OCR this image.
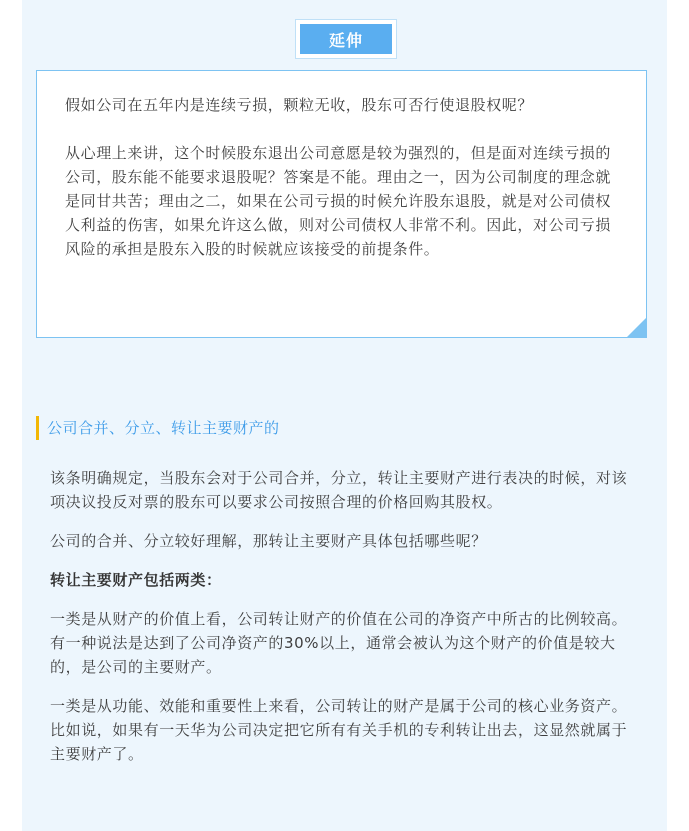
延伸

假如公司在五年内是连续亏损，颗粒无收，股东可否行使退股权呢？

从心理上来讲，这个时候股东退出公司意愿是较为强烈的，但是面对连续亏损的公司，股东能不能要求退股呢？答案是不能。理由之一，因为公司制度的理念就是同甘共苦；理由之二，如果在公司亏损的时候允许股东退股，就是对公司债权人利益的伤害，如果允许这么做，则对公司债权人非常不利。因此，对公司亏损风险的承担是股东入股的时候就应该接受的前提条件。

公司合并、分立、转让主要财产的

该条明确规定，当股东会对于公司合并，分立，转让主要财产进行表决的时候，对该项决议投反对票的股东可以要求公司按照合理的价格回购其股权。

公司的合并、分立较好理解，那转让主要财产具体包括哪些呢？

转让主要财产包括两类：

一类是从财产的价值上看，公司转让财产的价值在公司的净资产中所古的比例较高。有一种说法是达到了公司净资产的30%以上，通常会被认为这个财产的价值是较大的，是公司的主要财产。

一类是从功能、效能和重要性上来看，公司转让的财产是属于公司的核心业务资产。比如说，如果有一天华为公司决定把它所有有关手机的专利转让出去，这显然就属于主要财产了。
